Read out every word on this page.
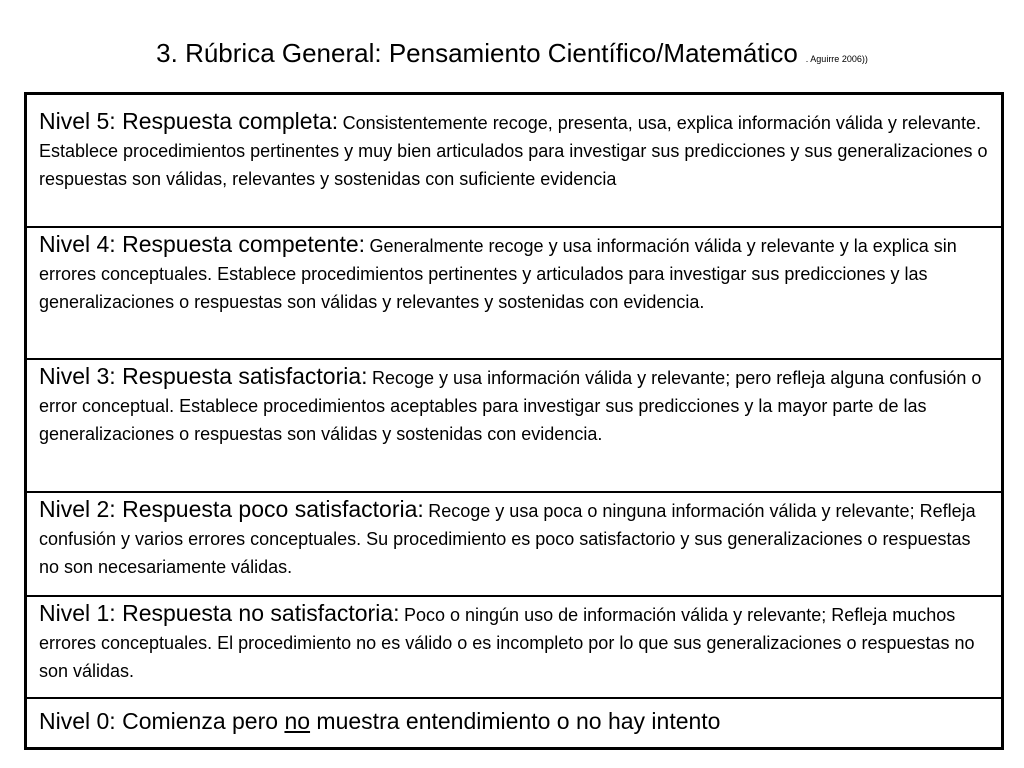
3. Rúbrica General: Pensamiento Científico/Matemático . Aguirre 2006))
Nivel 5: Respuesta completa: Consistentemente recoge, presenta, usa, explica información válida y relevante. Establece procedimientos pertinentes y muy bien articulados para investigar sus predicciones y sus generalizaciones o respuestas son válidas, relevantes y sostenidas con suficiente evidencia
Nivel 4: Respuesta competente: Generalmente recoge y usa información válida y relevante y la explica sin errores conceptuales. Establece procedimientos pertinentes y articulados para investigar sus predicciones y las generalizaciones o respuestas son válidas y relevantes y sostenidas con evidencia.
Nivel 3: Respuesta satisfactoria: Recoge y usa información válida y relevante; pero refleja alguna confusión o error conceptual. Establece procedimientos aceptables para investigar sus predicciones y la mayor parte de las generalizaciones o respuestas son válidas y sostenidas con evidencia.
Nivel 2: Respuesta poco satisfactoria: Recoge y usa poca o ninguna información válida y relevante; Refleja confusión y varios errores conceptuales. Su procedimiento es poco satisfactorio y sus generalizaciones o respuestas no son necesariamente válidas.
Nivel 1: Respuesta no satisfactoria: Poco o ningún uso de información válida y relevante; Refleja muchos errores conceptuales. El procedimiento no es válido o es incompleto por lo que sus generalizaciones o respuestas no son válidas.
Nivel 0: Comienza pero no muestra entendimiento o no hay intento
